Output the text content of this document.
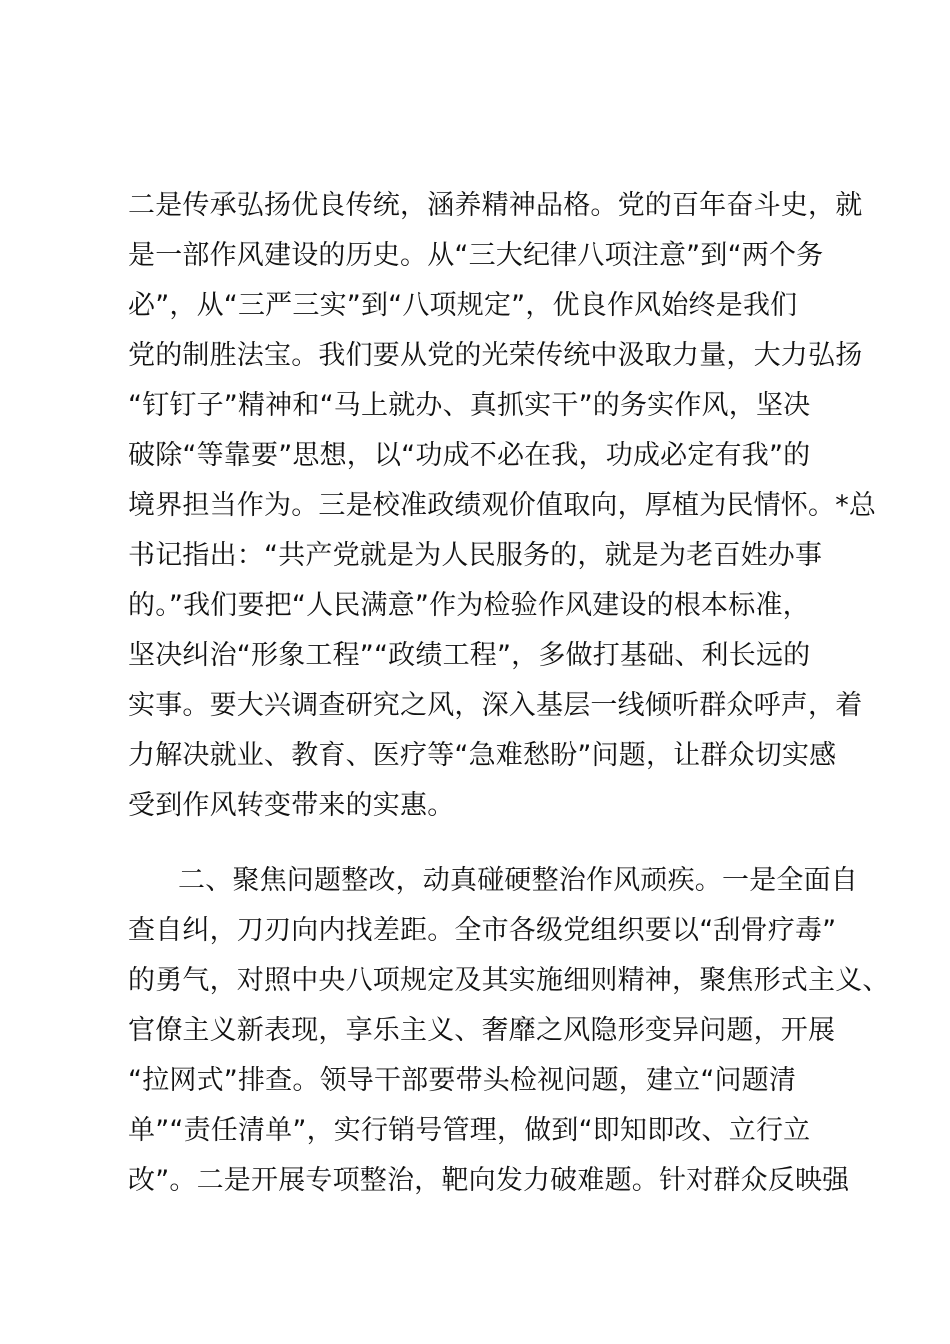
二是传承弘扬优良传统，涵养精神品格。党的百年奋斗史，就
是一部作风建设的历史。从“三大纪律八项注意”到“两个务
必”，从“三严三实”到“八项规定”，优良作风始终是我们
党的制胜法宝。我们要从党的光荣传统中汲取力量，大力弘扬
“钉钉子”精神和“马上就办、真抓实干”的务实作风，坚决
破除“等靠要”思想，以“功成不必在我，功成必定有我”的
境界担当作为。三是校准政绩观价值取向，厚植为民情怀。*总
书记指出：“共产党就是为人民服务的，就是为老百姓办事
的。”我们要把“人民满意”作为检验作风建设的根本标准，
坚决纠治“形象工程”“政绩工程”，多做打基础、利长远的
实事。要大兴调查研究之风，深入基层一线倾听群众呼声，着
力解决就业、教育、医疗等“急难愁盼”问题，让群众切实感
受到作风转变带来的实惠。
二、聚焦问题整改，动真碰硬整治作风顽疾。一是全面自
查自纠，刀刃向内找差距。全市各级党组织要以“刮骨疗毒”
的勇气，对照中央八项规定及其实施细则精神，聚焦形式主义、
官僚主义新表现，享乐主义、奢靡之风隐形变异问题，开展
“拉网式”排查。领导干部要带头检视问题，建立“问题清
单”“责任清单”，实行销号管理，做到“即知即改、立行立
改”。二是开展专项整治，靶向发力破难题。针对群众反映强
